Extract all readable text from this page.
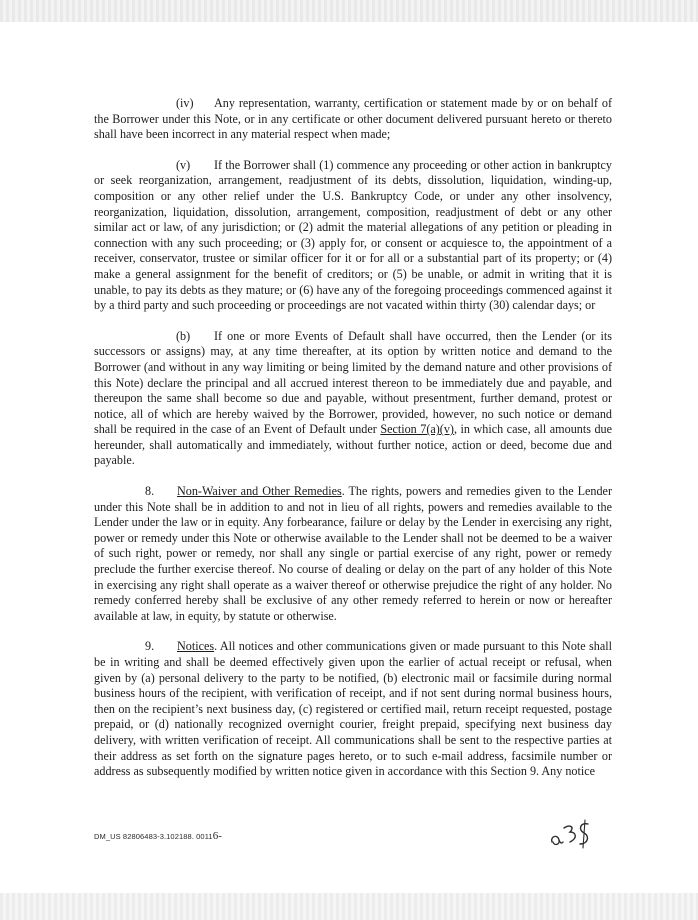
(iv) Any representation, warranty, certification or statement made by or on behalf of the Borrower under this Note, or in any certificate or other document delivered pursuant hereto or thereto shall have been incorrect in any material respect when made;

(v) If the Borrower shall (1) commence any proceeding or other action in bankruptcy or seek reorganization, arrangement, readjustment of its debts, dissolution, liquidation, winding-up, composition or any other relief under the U.S. Bankruptcy Code, or under any other insolvency, reorganization, liquidation, dissolution, arrangement, composition, readjustment of debt or any other similar act or law, of any jurisdiction; or (2) admit the material allegations of any petition or pleading in connection with any such proceeding; or (3) apply for, or consent or acquiesce to, the appointment of a receiver, conservator, trustee or similar officer for it or for all or a substantial part of its property; or (4) make a general assignment for the benefit of creditors; or (5) be unable, or admit in writing that it is unable, to pay its debts as they mature; or (6) have any of the foregoing proceedings commenced against it by a third party and such proceeding or proceedings are not vacated within thirty (30) calendar days; or

(b) If one or more Events of Default shall have occurred, then the Lender (or its successors or assigns) may, at any time thereafter, at its option by written notice and demand to the Borrower (and without in any way limiting or being limited by the demand nature and other provisions of this Note) declare the principal and all accrued interest thereon to be immediately due and payable, and thereupon the same shall become so due and payable, without presentment, further demand, protest or notice, all of which are hereby waived by the Borrower, provided, however, no such notice or demand shall be required in the case of an Event of Default under Section 7(a)(v), in which case, all amounts due hereunder, shall automatically and immediately, without further notice, action or deed, become due and payable.

8. Non-Waiver and Other Remedies. The rights, powers and remedies given to the Lender under this Note shall be in addition to and not in lieu of all rights, powers and remedies available to the Lender under the law or in equity. Any forbearance, failure or delay by the Lender in exercising any right, power or remedy under this Note or otherwise available to the Lender shall not be deemed to be a waiver of such right, power or remedy, nor shall any single or partial exercise of any right, power or remedy preclude the further exercise thereof. No course of dealing or delay on the part of any holder of this Note in exercising any right shall operate as a waiver thereof or otherwise prejudice the right of any holder. No remedy conferred hereby shall be exclusive of any other remedy referred to herein or now or hereafter available at law, in equity, by statute or otherwise.

9. Notices. All notices and other communications given or made pursuant to this Note shall be in writing and shall be deemed effectively given upon the earlier of actual receipt or refusal, when given by (a) personal delivery to the party to be notified, (b) electronic mail or facsimile during normal business hours of the recipient, with verification of receipt, and if not sent during normal business hours, then on the recipient’s next business day, (c) registered or certified mail, return receipt requested, postage prepaid, or (d) nationally recognized overnight courier, freight prepaid, specifying next business day delivery, with written verification of receipt. All communications shall be sent to the respective parties at their address as set forth on the signature pages hereto, or to such e-mail address, facsimile number or address as subsequently modified by written notice given in accordance with this Section 9. Any notice

DM_US 82806483-3.102188. 00116-
